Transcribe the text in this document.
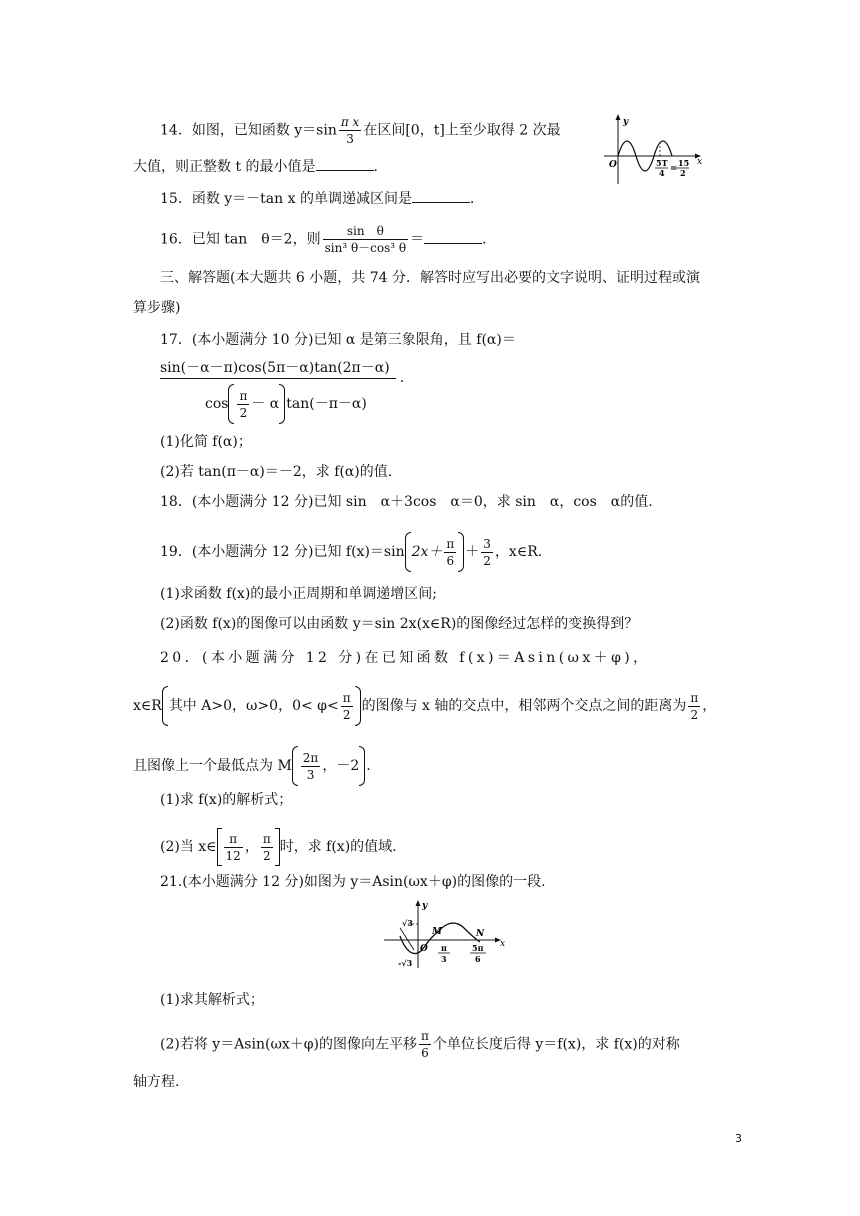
14．如图，已知函数 $y=\sin \frac{\text{π x}}{3}$ 在区间[0，t]上至少取得 2 次最
大值，则正整数 t 的最小值是	．
y
O	x
5T
4 =
15
2
15．函数 y＝－tan x 的单调递减区间是	．
16．已知 tan　θ＝2，则 $\frac{\text{sin　θ}}{\text{sin³ θ－cos³ θ}}$ ＝	．
三、解答题(本大题共 6 小题，共 74 分．解答时应写出必要的文字说明、证明过程或演
算步骤)
17．(本小题满分 10 分)已知 α 是第三象限角，且 f(α)＝
sin(－α－π)cos(5π－α)tan(2π－α).
$\cos \frac{\pi}{2} - \alpha$ tan(－π－α)
(1)化简 f(α)；
(2)若 tan(π－α)＝－2，求 f(α)的值.
18．(本小题满分 12 分)已知 sin　α＋3cos　α＝0，求 sin　α，cos　α的值.
19．(本小题满分 12 分)已知 f(x)＝sin $2x+ \frac{\pi}{6} + \frac{3}{2}$ ，x∈R.
(1)求函数 f(x)的最小正周期和单调递增区间;
(2)函数 f(x)的图像可以由函数 y＝sin 2x(x∈R)的图像经过怎样的变换得到？
20．(本小题满分 12 分)在已知函数 f(x)＝Asin(ωx＋φ)，
x∈R 其中 A>0，ω>0，$0< \varphi< \frac{\pi}{2}$ 的图像与 x 轴的交点中，相邻两个交点之间的距离为 $\frac{\pi}{2}$ ，
且图像上一个最低点为 M $\frac{2\pi}{3}$ ，－2 .
(1)求 f(x)的解析式；
(2)当 x∈ $\frac{\pi}{12}$ ， $\frac{\pi}{2}$ 时，求 f(x)的值域.
21.(本小题满分 12 分)如图为 y＝Asin(ωx＋φ)的图像的一段.
y
√3
-√3
O
M	N
x
π
3
5π
6
(1)求其解析式；
(2)若将 y＝Asin(ωx＋φ)的图像向左平移 $\frac{\pi}{6}$ 个单位长度后得 y＝f(x)，求 f(x)的对称
轴方程.
3
